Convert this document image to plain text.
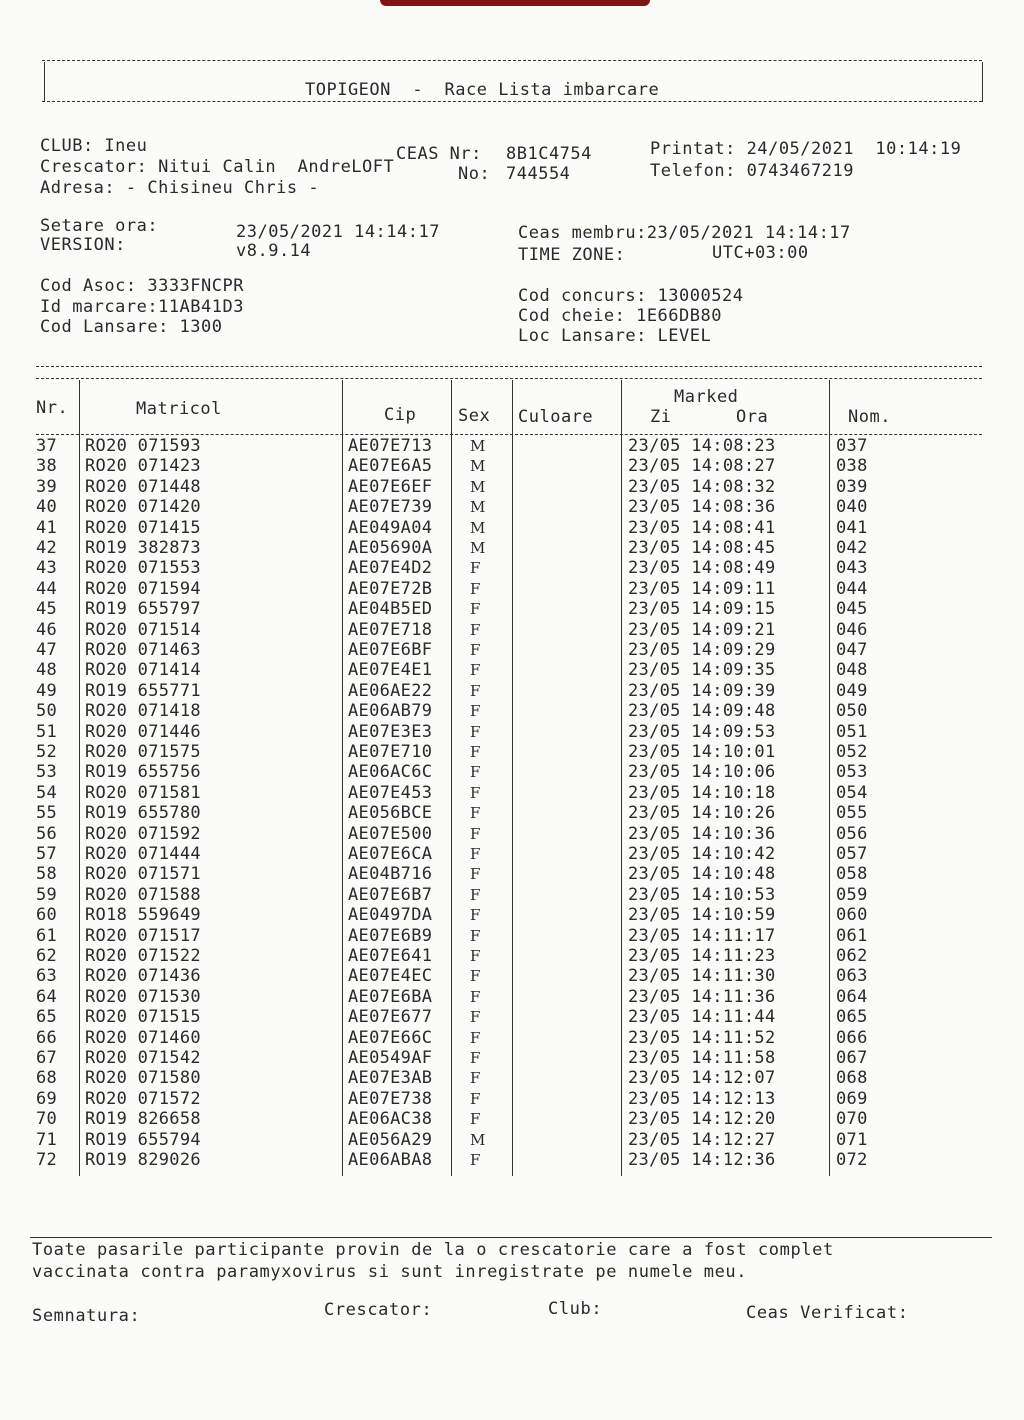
TOPIGEON  -  Race Lista imbarcare
CLUB: Ineu
Crescator: Nitui Calin  AndreLOFT
Adresa: - Chisineu Chris -
CEAS Nr: 8B1C4754
No: 744554
Printat: 24/05/2021  10:14:19
Telefon: 0743467219
Setare ora:	23/05/2021 14:14:17
VERSION:	v8.9.14
Ceas membru:23/05/2021 14:14:17
TIME ZONE:	UTC+03:00
Cod Asoc: 3333FNCPR
Id marcare:11AB41D3
Cod Lansare: 1300
Cod concurs: 13000524
Cod cheie: 1E66DB80
Loc Lansare: LEVEL
Nr.	Matricol	Cip Sex Culoare
Marked
Zi	Ora	Nom.
37 RO20 071593	AE07E713	M	23/05 14:08:23	037
38 RO20 071423	AE07E6A5	M	23/05 14:08:27	038
39 RO20 071448	AE07E6EF	M	23/05 14:08:32	039
40 RO20 071420	AE07E739	M	23/05 14:08:36	040
41 RO20 071415	AE049A04	M	23/05 14:08:41	041
42 RO19 382873	AE05690A	M	23/05 14:08:45	042
43 RO20 071553	AE07E4D2	F	23/05 14:08:49	043
44 RO20 071594	AE07E72B	F	23/05 14:09:11	044
45 RO19 655797	AE04B5ED	F	23/05 14:09:15	045
46 RO20 071514	AE07E718	F	23/05 14:09:21	046
47 RO20 071463	AE07E6BF	F	23/05 14:09:29	047
48 RO20 071414	AE07E4E1	F	23/05 14:09:35	048
49 RO19 655771	AE06AE22	F	23/05 14:09:39	049
50 RO20 071418	AE06AB79	F	23/05 14:09:48	050
51 RO20 071446	AE07E3E3	F	23/05 14:09:53	051
52 RO20 071575	AE07E710	F	23/05 14:10:01	052
53 RO19 655756	AE06AC6C	F	23/05 14:10:06	053
54 RO20 071581	AE07E453	F	23/05 14:10:18	054
55 RO19 655780	AE056BCE	F	23/05 14:10:26	055
56 RO20 071592	AE07E500	F	23/05 14:10:36	056
57 RO20 071444	AE07E6CA	F	23/05 14:10:42	057
58 RO20 071571	AE04B716	F	23/05 14:10:48	058
59 RO20 071588	AE07E6B7	F	23/05 14:10:53	059
60 RO18 559649	AE0497DA	F	23/05 14:10:59	060
61 RO20 071517	AE07E6B9	F	23/05 14:11:17	061
62 RO20 071522	AE07E641	F	23/05 14:11:23	062
63 RO20 071436	AE07E4EC	F	23/05 14:11:30	063
64 RO20 071530	AE07E6BA	F	23/05 14:11:36	064
65 RO20 071515	AE07E677	F	23/05 14:11:44	065
66 RO20 071460	AE07E66C	F	23/05 14:11:52	066
67 RO20 071542	AE0549AF	F	23/05 14:11:58	067
68 RO20 071580	AE07E3AB	F	23/05 14:12:07	068
69 RO20 071572	AE07E738	F	23/05 14:12:13	069
70 RO19 826658	AE06AC38	F	23/05 14:12:20	070
71 RO19 655794	AE056A29	M	23/05 14:12:27	071
72 RO19 829026	AE06ABA8	F	23/05 14:12:36	072
Toate pasarile participante provin de la o crescatorie care a fost complet
vaccinata contra paramyxovirus si sunt inregistrate pe numele meu.
Semnatura:	Crescator:	Club:	Ceas Verificat:
